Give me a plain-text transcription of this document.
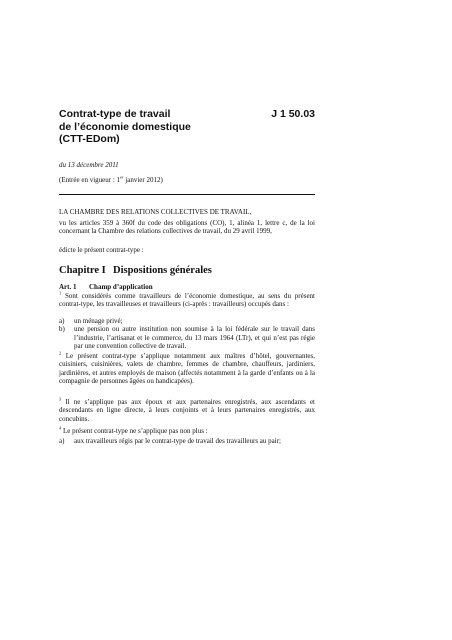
Contrat-type de travail
de l’économie domestique
(CTT-EDom)
J 1 50.03
du 13 décembre 2011
(Entrée en vigueur : 1er janvier 2012)
LA CHAMBRE DES RELATIONS COLLECTIVES DE TRAVAIL,
vu les articles 359 à 360f du code des obligations (CO), 1, alinéa 1, lettre c, de la loi concernant la Chambre des relations collectives de travail, du 29 avril 1999,
édicte le présent contrat-type :
Chapitre I Dispositions générales
Art. 1 Champ d’application
$^1$ Sont considérés comme travailleurs de l’économie domestique, au sens du présent contrat-type, les travailleuses et travailleurs (ci-après : travailleurs) occupés dans :
a) un ménage privé;
b) une pension ou autre institution non soumise à la loi fédérale sur le travail dans l’industrie, l’artisanat et le commerce, du 13 mars 1964 (LTr), et qui n’est pas régie par une convention collective de travail.
$^2$ Le présent contrat-type s’applique notamment aux maîtres d’hôtel, gouvernantes, cuisiniers, cuisinières, valets de chambre, femmes de chambre, chauffeurs, jardiniers, jardinières, et autres employés de maison (affectés notamment à la garde d’enfants ou à la compagnie de personnes âgées ou handicapées).
$^3$ Il ne s’applique pas aux époux et aux partenaires enregistrés, aux ascendants et descendants en ligne directe, à leurs conjoints et à leurs partenaires enregistrés, aux concubins.
$^4$ Le présent contrat-type ne s’applique pas non plus :
a) aux travailleurs régis par le contrat-type de travail des travailleurs au pair;
